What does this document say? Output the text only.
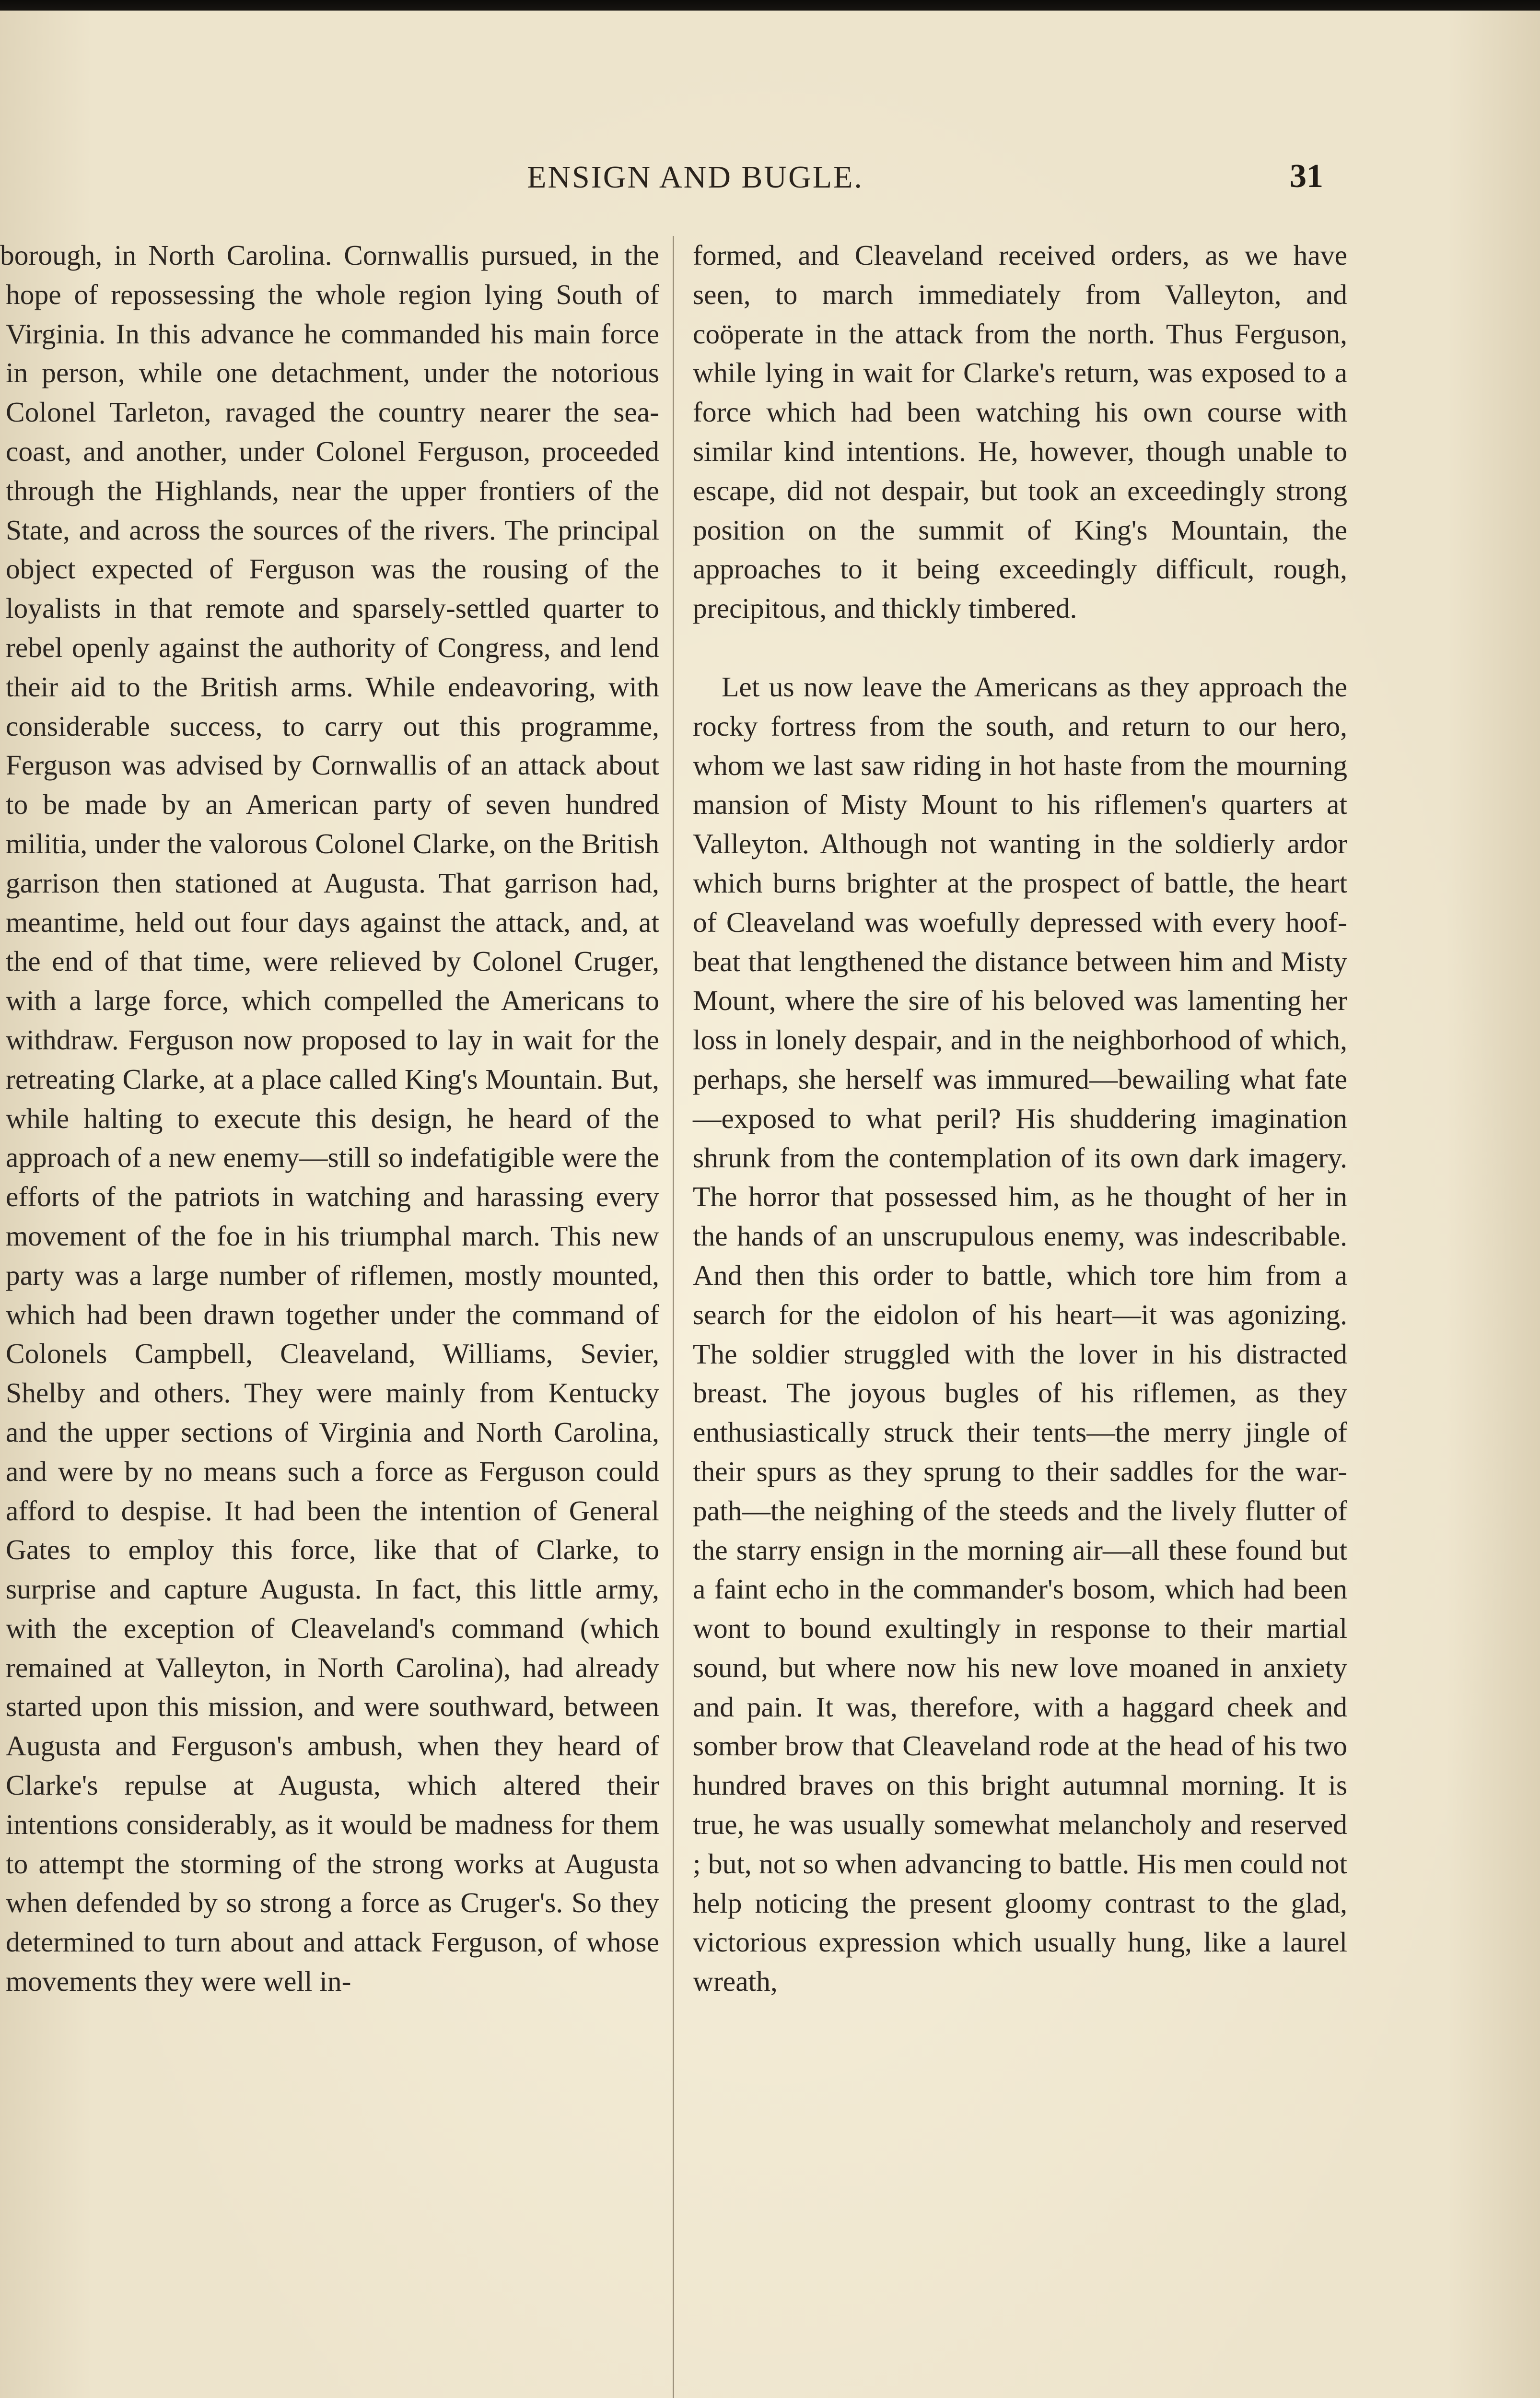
ENSIGN AND BUGLE.	31

borough, in North Carolina. Cornwallis pursued, in the hope of repossessing the whole region lying South of Virginia. In this advance he commanded his main force in person, while one detachment, under the notorious Colonel Tarleton, ravaged the country nearer the sea-coast, and another, under Colonel Ferguson, proceeded through the Highlands, near the upper frontiers of the State, and across the sources of the rivers. The principal object expected of Ferguson was the rousing of the loyalists in that remote and sparsely-settled quarter to rebel openly against the authority of Congress, and lend their aid to the British arms. While endeavoring, with considerable success, to carry out this programme, Ferguson was advised by Cornwallis of an attack about to be made by an American party of seven hundred militia, under the valorous Colonel Clarke, on the British garrison then stationed at Augusta. That garrison had, meantime, held out four days against the attack, and, at the end of that time, were relieved by Colonel Cruger, with a large force, which compelled the Americans to withdraw. Ferguson now proposed to lay in wait for the retreating Clarke, at a place called King's Mountain. But, while halting to execute this design, he heard of the approach of a new enemy—still so indefatigible were the efforts of the patriots in watching and harassing every movement of the foe in his triumphal march. This new party was a large number of riflemen, mostly mounted, which had been drawn together under the command of Colonels Campbell, Cleaveland, Williams, Sevier, Shelby and others. They were mainly from Kentucky and the upper sections of Virginia and North Carolina, and were by no means such a force as Ferguson could afford to despise. It had been the intention of General Gates to employ this force, like that of Clarke, to surprise and capture Augusta. In fact, this little army, with the exception of Cleaveland's command (which remained at Valleyton, in North Carolina), had already started upon this mission, and were southward, between Augusta and Ferguson's ambush, when they heard of Clarke's repulse at Augusta, which altered their intentions considerably, as it would be madness for them to attempt the storming of the strong works at Augusta when defended by so strong a force as Cruger's. So they determined to turn about and attack Ferguson, of whose movements they were well in-

formed, and Cleaveland received orders, as we have seen, to march immediately from Valleyton, and coöperate in the attack from the north. Thus Ferguson, while lying in wait for Clarke's return, was exposed to a force which had been watching his own course with similar kind intentions. He, however, though unable to escape, did not despair, but took an exceedingly strong position on the summit of King's Mountain, the approaches to it being exceedingly difficult, rough, precipitous, and thickly timbered.

Let us now leave the Americans as they approach the rocky fortress from the south, and return to our hero, whom we last saw riding in hot haste from the mourning mansion of Misty Mount to his riflemen's quarters at Valleyton. Although not wanting in the soldierly ardor which burns brighter at the prospect of battle, the heart of Cleaveland was woefully depressed with every hoof-beat that lengthened the distance between him and Misty Mount, where the sire of his beloved was lamenting her loss in lonely despair, and in the neighborhood of which, perhaps, she herself was immured—bewailing what fate—exposed to what peril? His shuddering imagination shrunk from the contemplation of its own dark imagery. The horror that possessed him, as he thought of her in the hands of an unscrupulous enemy, was indescribable. And then this order to battle, which tore him from a search for the eidolon of his heart—it was agonizing. The soldier struggled with the lover in his distracted breast. The joyous bugles of his riflemen, as they enthusiastically struck their tents—the merry jingle of their spurs as they sprung to their saddles for the war-path—the neighing of the steeds and the lively flutter of the starry ensign in the morning air—all these found but a faint echo in the commander's bosom, which had been wont to bound exultingly in response to their martial sound, but where now his new love moaned in anxiety and pain. It was, therefore, with a haggard cheek and somber brow that Cleaveland rode at the head of his two hundred braves on this bright autumnal morning. It is true, he was usually somewhat melancholy and reserved ; but, not so when advancing to battle. His men could not help noticing the present gloomy contrast to the glad, victorious expression which usually hung, like a laurel wreath,
